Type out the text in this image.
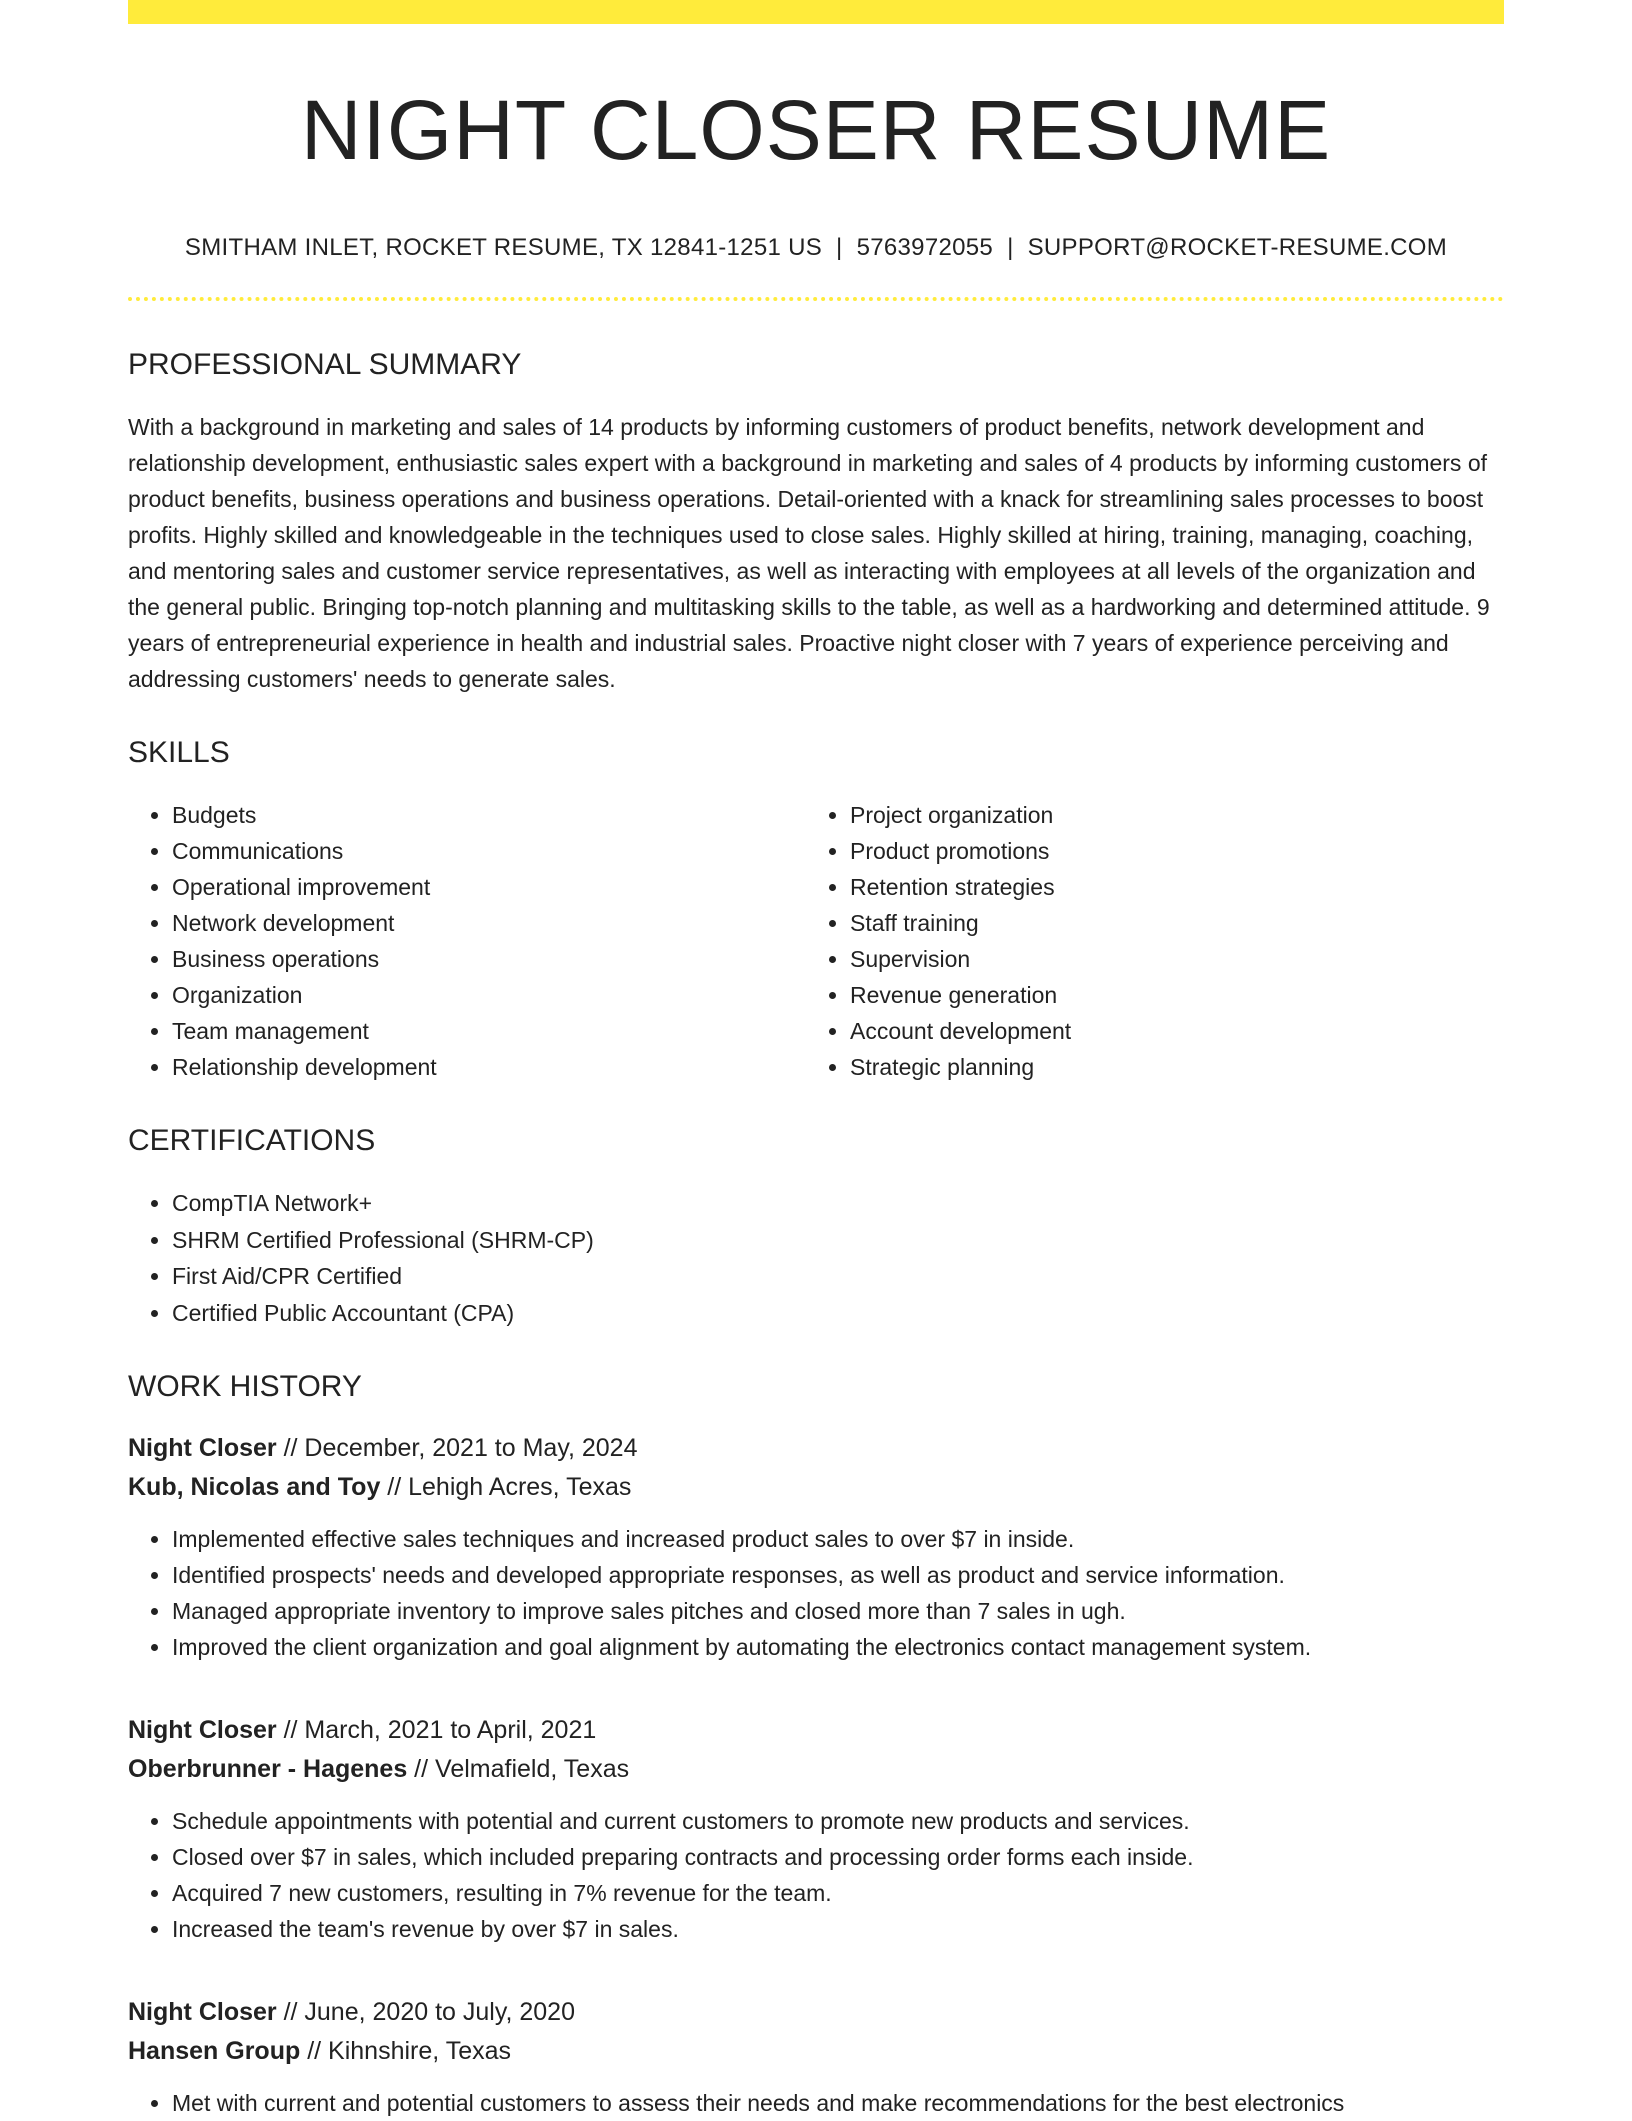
NIGHT CLOSER RESUME
SMITHAM INLET, ROCKET RESUME, TX 12841-1251 US | 5763972055 | SUPPORT@ROCKET-RESUME.COM
PROFESSIONAL SUMMARY

With a background in marketing and sales of 14 products by informing customers of product benefits, network development and relationship development, enthusiastic sales expert with a background in marketing and sales of 4 products by informing customers of product benefits, business operations and business operations. Detail-oriented with a knack for streamlining sales processes to boost profits. Highly skilled and knowledgeable in the techniques used to close sales. Highly skilled at hiring, training, managing, coaching, and mentoring sales and customer service representatives, as well as interacting with employees at all levels of the organization and the general public. Bringing top-notch planning and multitasking skills to the table, as well as a hardworking and determined attitude. 9 years of entrepreneurial experience in health and industrial sales. Proactive night closer with 7 years of experience perceiving and addressing customers' needs to generate sales.

SKILLS
• Budgets
• Communications
• Operational improvement
• Network development
• Business operations
• Organization
• Team management
• Relationship development
• Project organization
• Product promotions
• Retention strategies
• Staff training
• Supervision
• Revenue generation
• Account development
• Strategic planning
CERTIFICATIONS
• CompTIA Network+
• SHRM Certified Professional (SHRM-CP)
• First Aid/CPR Certified
• Certified Public Accountant (CPA)
WORK HISTORY
Night Closer // December, 2021 to May, 2024
Kub, Nicolas and Toy // Lehigh Acres, Texas
• Implemented effective sales techniques and increased product sales to over $7 in inside.
• Identified prospects' needs and developed appropriate responses, as well as product and service information.
• Managed appropriate inventory to improve sales pitches and closed more than 7 sales in ugh.
• Improved the client organization and goal alignment by automating the electronics contact management system.
Night Closer // March, 2021 to April, 2021
Oberbrunner - Hagenes // Velmafield, Texas
• Schedule appointments with potential and current customers to promote new products and services.
• Closed over $7 in sales, which included preparing contracts and processing order forms each inside.
• Acquired 7 new customers, resulting in 7% revenue for the team.
• Increased the team's revenue by over $7 in sales.
Night Closer // June, 2020 to July, 2020
Hansen Group // Kihnshire, Texas
• Met with current and potential customers to assess their needs and make recommendations for the best electronics
